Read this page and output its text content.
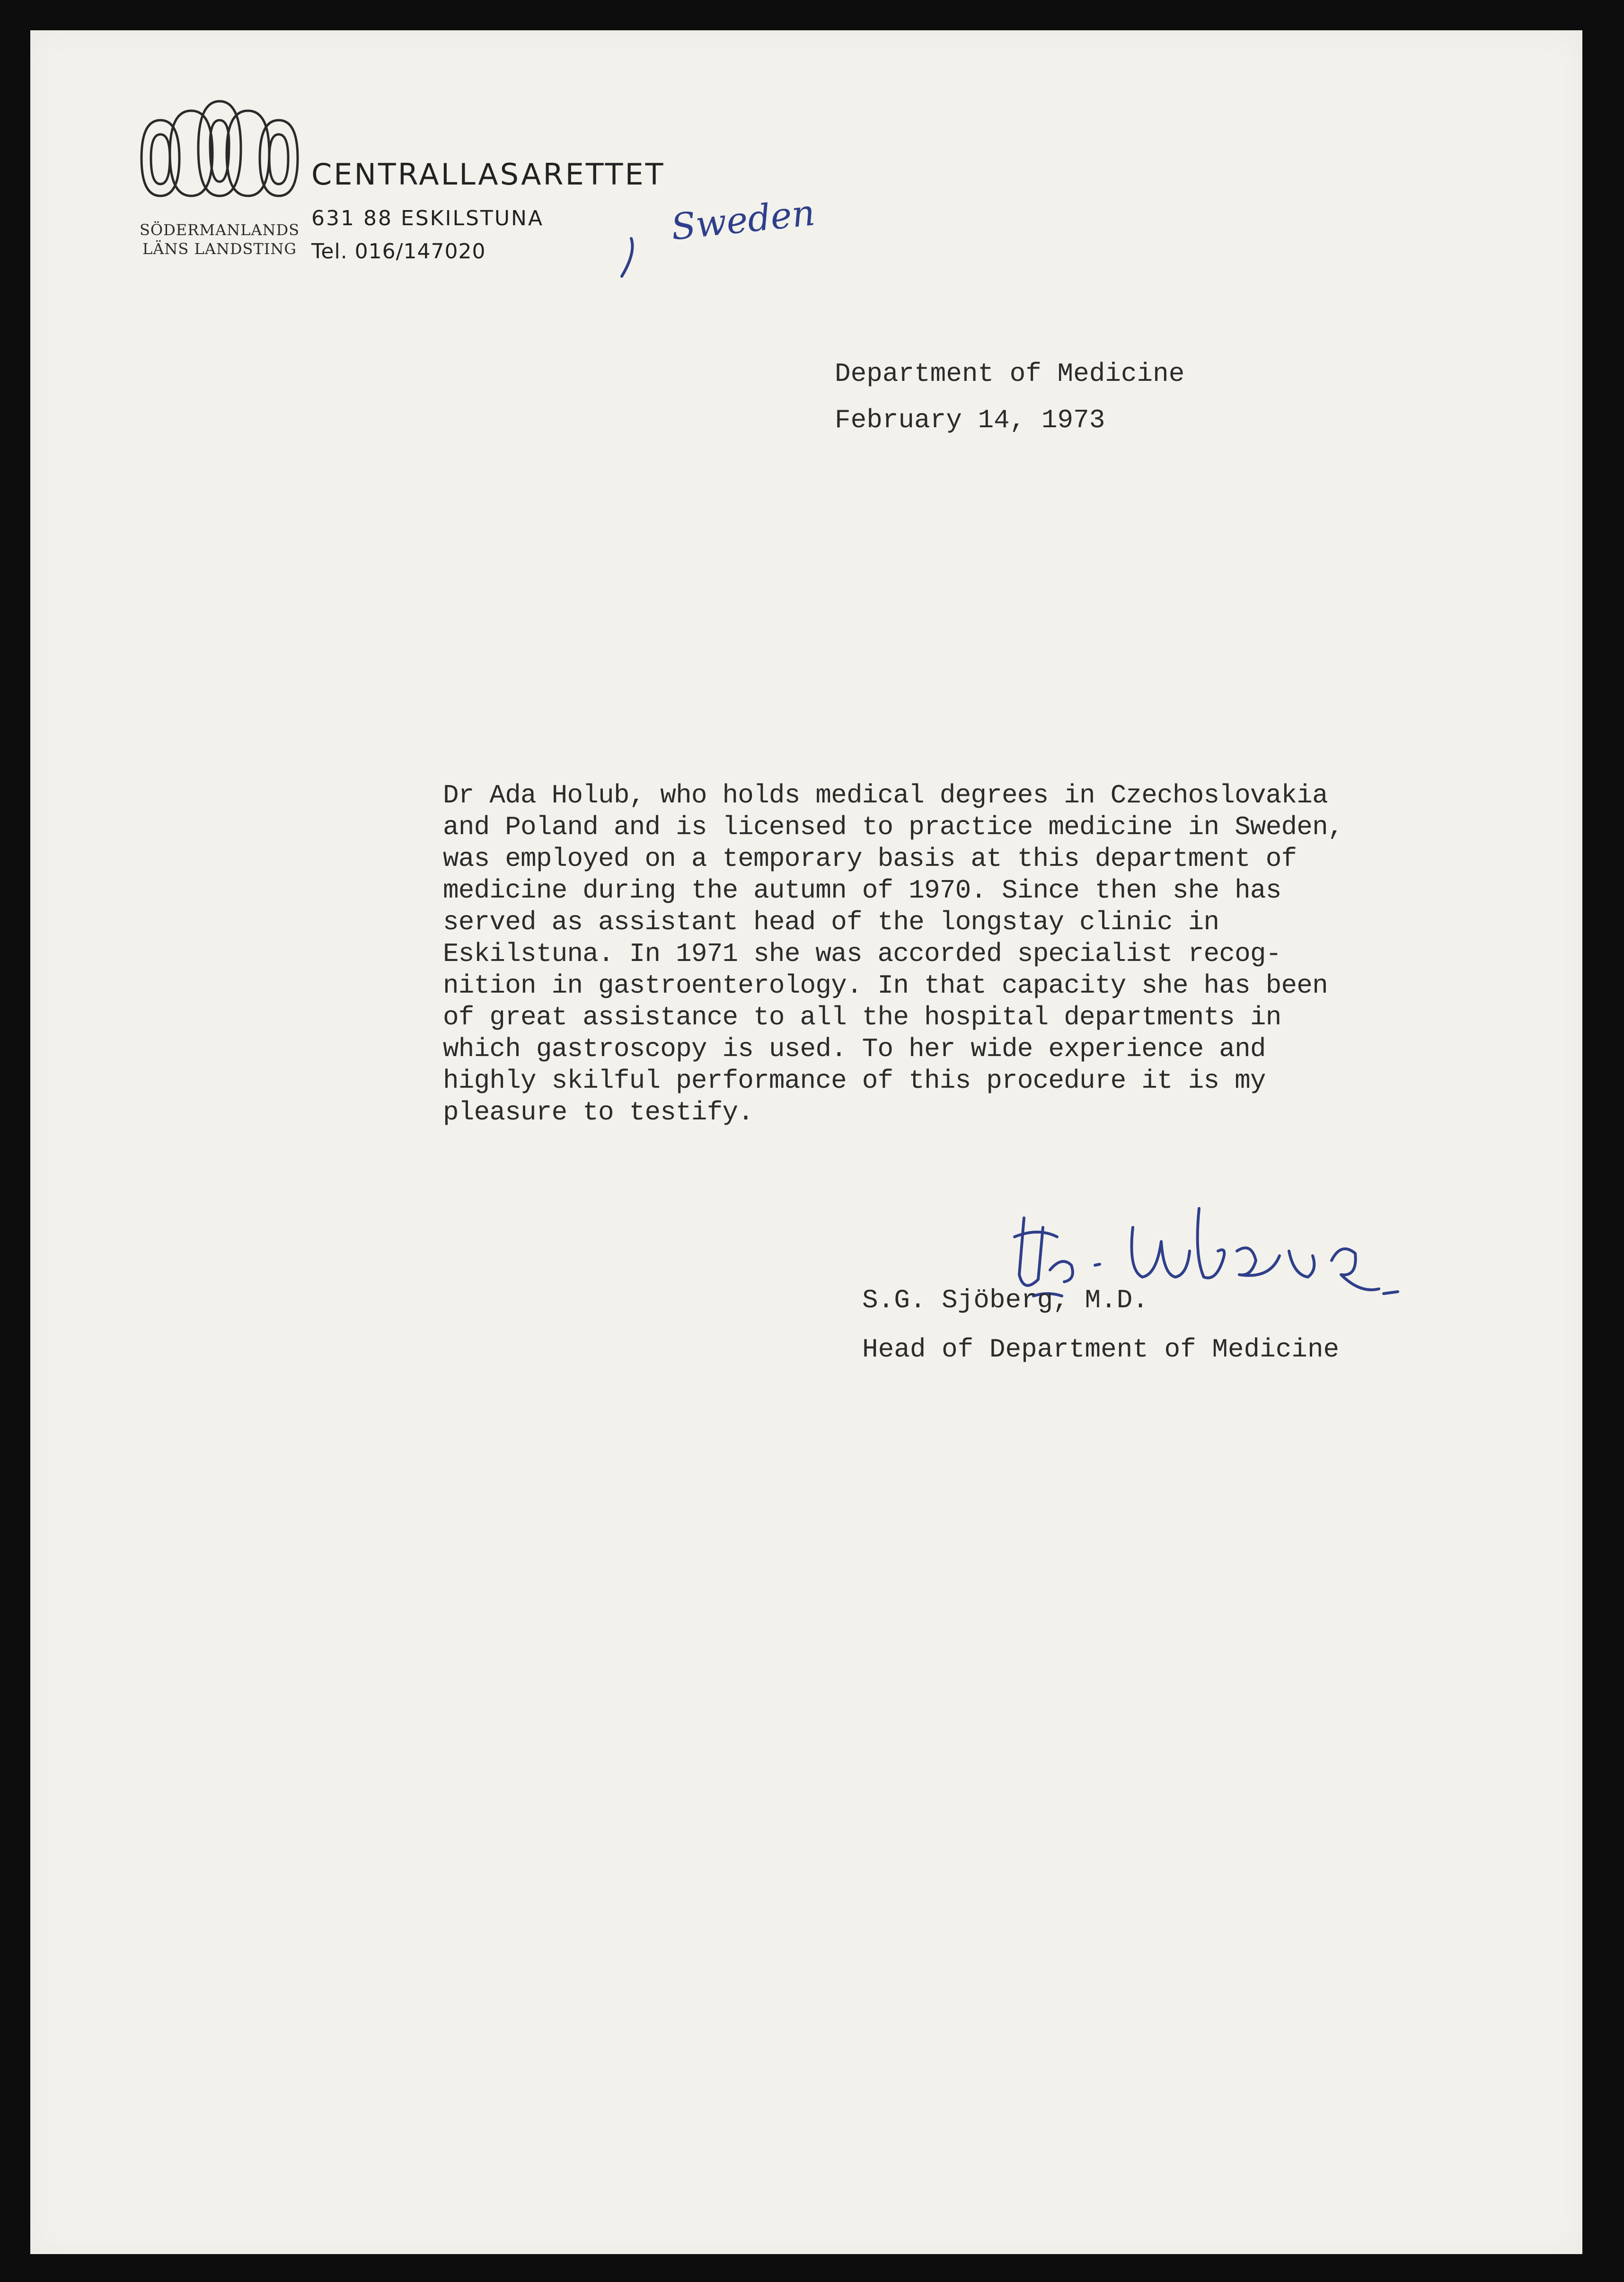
SÖDERMANLANDS
LÄNS LANDSTING
CENTRALLASARETTET
631 88 ESKILSTUNA
Tel. 016/147020
Sweden
Department of Medicine
February 14, 1973
Dr Ada Holub, who holds medical degrees in Czechoslovakia
and Poland and is licensed to practice medicine in Sweden,
was employed on a temporary basis at this department of
medicine during the autumn of 1970. Since then she has
served as assistant head of the longstay clinic in
Eskilstuna. In 1971 she was accorded specialist recog-
nition in gastroenterology. In that capacity she has been
of great assistance to all the hospital departments in
which gastroscopy is used. To her wide experience and
highly skilful performance of this procedure it is my
pleasure to testify.
S.G. Sjöberg, M.D.
Head of Department of Medicine
